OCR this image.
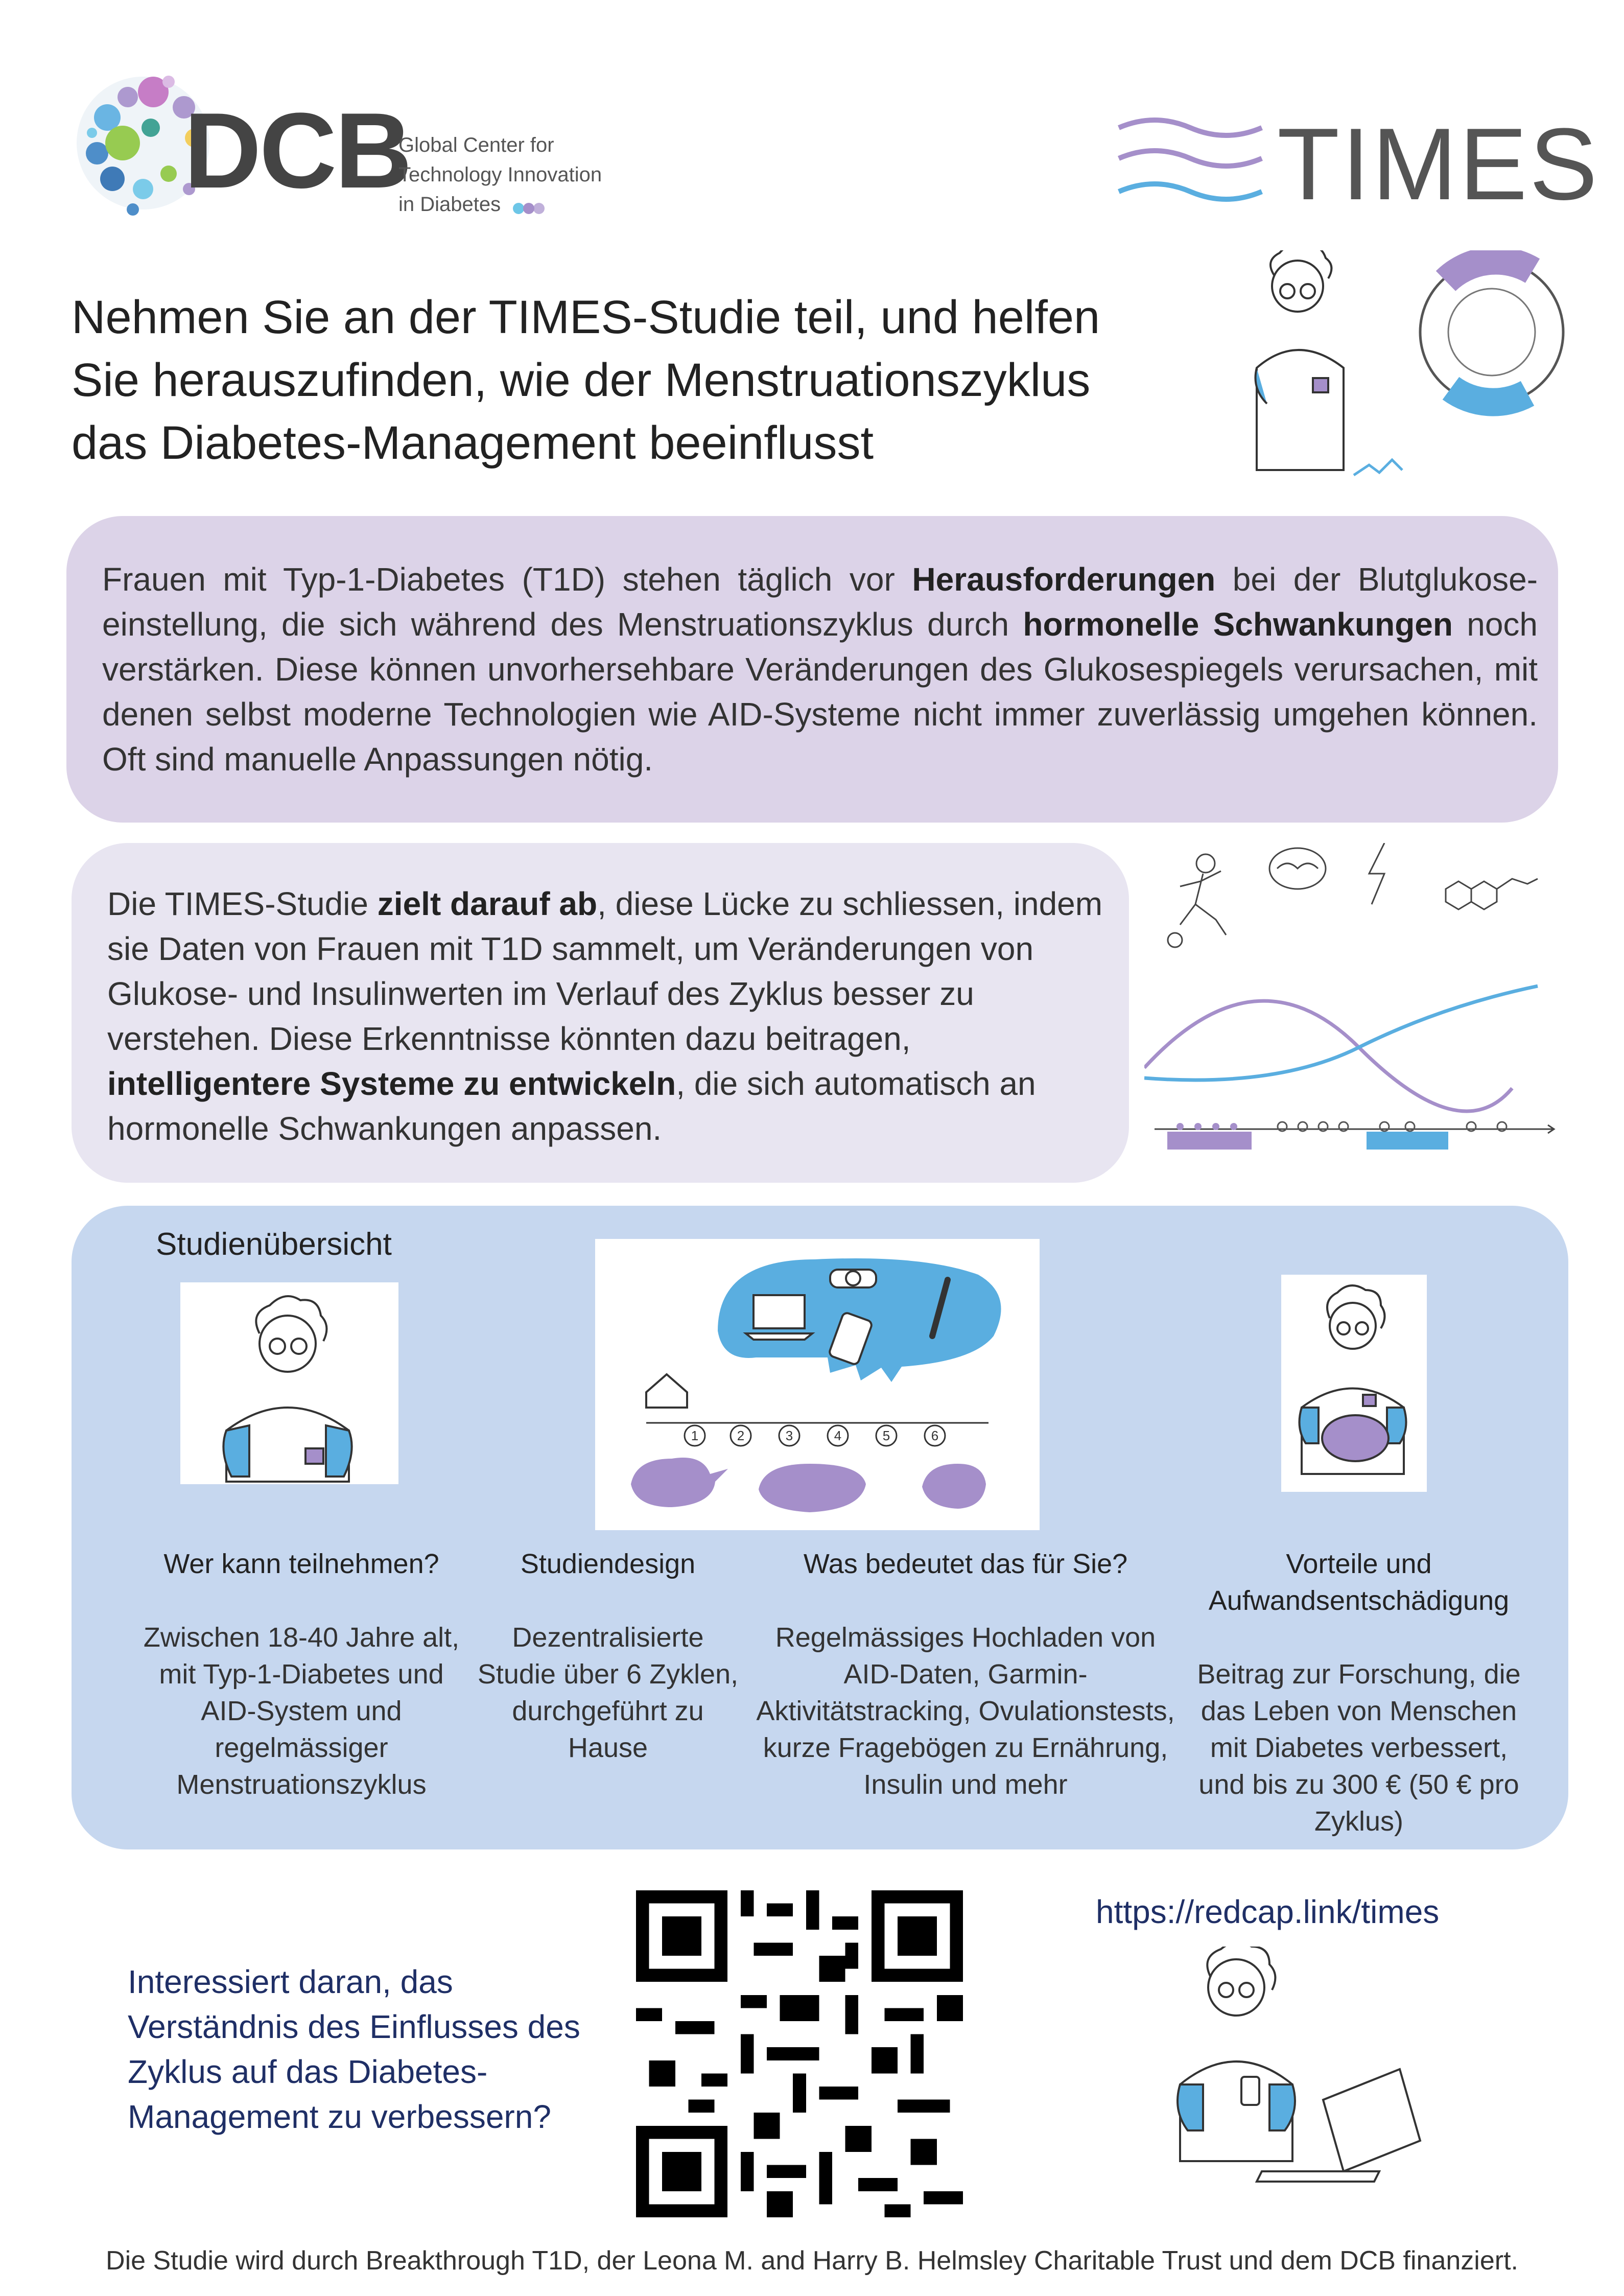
DCB
Global Center for
Technology Innovation
in Diabetes	TIMES
Nehmen Sie an der TIMES-Studie teil, und helfen
Sie herauszufinden, wie der Menstruationszyklus
das Diabetes-Management beeinflusst

Frauen mit Typ-1-Diabetes (T1D) stehen täglich vor Herausforderungen bei der Blutglukose-einstellung, die sich während des Menstruationszyklus durch hormonelle Schwankungen noch verstärken. Diese können unvorhersehbare Veränderungen des Glukosespiegels verursachen, mit denen selbst moderne Technologien wie AID-Systeme nicht immer zuverlässig umgehen können. Oft sind manuelle Anpassungen nötig.

Die TIMES-Studie zielt darauf ab, diese Lücke zu schliessen, indem sie Daten von Frauen mit T1D sammelt, um Veränderungen von Glukose- und Insulinwerten im Verlauf des Zyklus besser zu verstehen. Diese Erkenntnisse könnten dazu beitragen, intelligentere Systeme zu entwickeln, die sich automatisch an hormonelle Schwankungen anpassen.

Studienübersicht
1	2	3	4	5	6
Wer kann teilnehmen?
Zwischen 18-40 Jahre alt, mit Typ-1-Diabetes und AID-System und regelmässiger Menstruationszyklus
Studiendesign
Dezentralisierte Studie über 6 Zyklen, durchgeführt zu Hause
Was bedeutet das für Sie?
Regelmässiges Hochladen von AID-Daten, Garmin-Aktivitätstracking, Ovulationstests, kurze Fragebögen zu Ernährung, Insulin und mehr
Vorteile und Aufwandsentschädigung
Beitrag zur Forschung, die das Leben von Menschen mit Diabetes verbessert, und bis zu 300 € (50 € pro Zyklus)
Interessiert daran, das Verständnis des Einflusses des Zyklus auf das Diabetes-Management zu verbessern?
https://redcap.link/times
Die Studie wird durch Breakthrough T1D, der Leona M. and Harry B. Helmsley Charitable Trust und dem DCB finanziert.
